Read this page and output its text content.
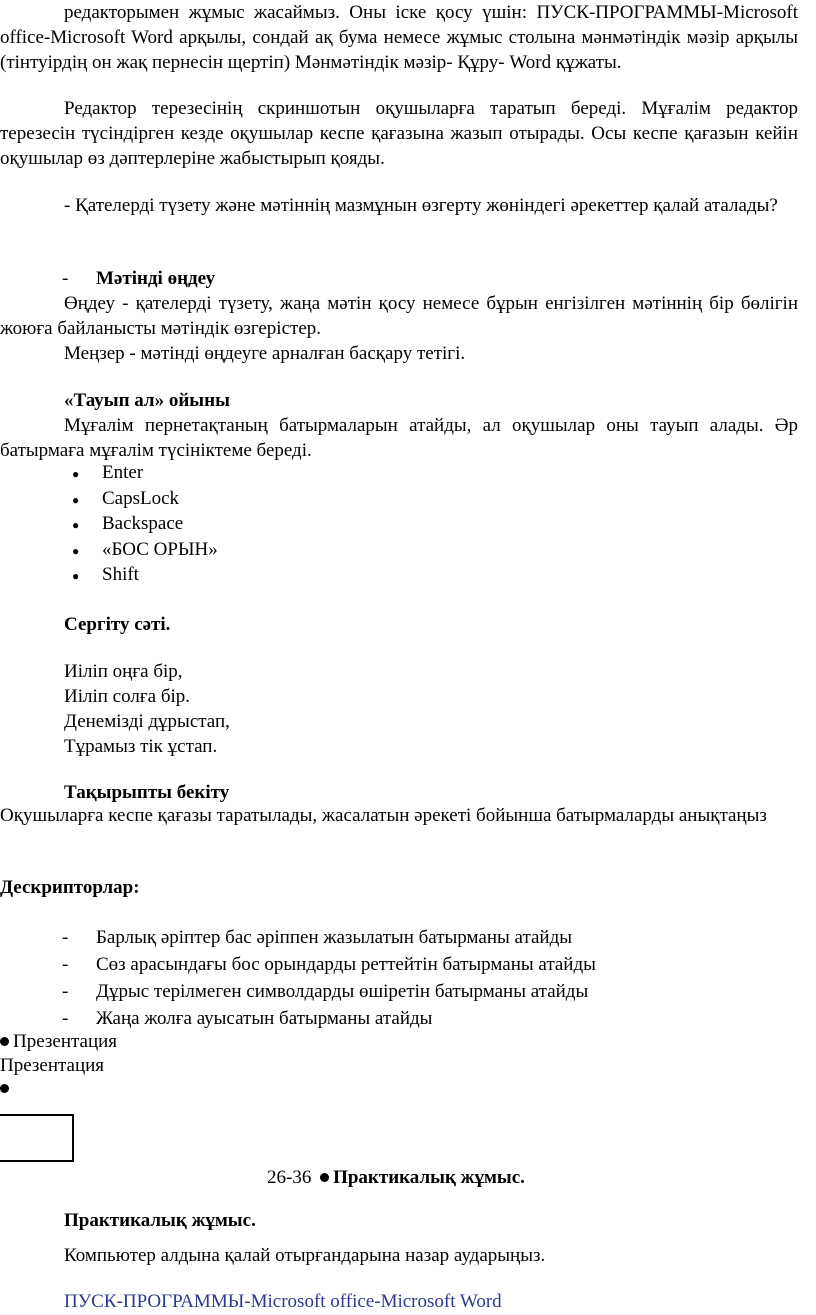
редакторымен жұмыс жасаймыз. Оны іске қосу үшін: ПУСК-ПРОГРАММЫ-Microsoft office-Microsoft Word арқылы, сондай ақ бума немесе жұмыс столына мәнмәтіндік мәзір арқылы (тінтуірдің он жақ пернесін щертіп) Мәнмәтіндік мәзір- Құру- Word құжаты.

Редактор терезесінің скриншотын оқушыларға таратып береді. Мұғалім редактор терезесін түсіндірген кезде оқушылар кеспе қағазына жазып отырады. Осы кеспе қағазын кейін оқушылар өз дәптерлеріне жабыстырып қояды.

- Қателерді түзету және мәтіннің мазмұнын өзгерту жөніндегі әрекеттер қалай аталады?

- Мәтінді өңдеу

Өңдеу - қателерді түзету, жаңа мәтін қосу немесе бұрын енгізілген мәтіннің бір бөлігін жоюға байланысты мәтіндік өзгерістер.

Меңзер - мәтінді өңдеуге арналған басқару тетігі.

«Тауып ал» ойыны

Мұғалім пернетақтаның батырмаларын атайды, ал оқушылар оны тауып алады. Әр батырмаға мұғалім түсініктеме береді.

● Enter
● CapsLock
● Backspace
● «БОС ОРЫН»
● Shift
Сергіту сәті.
Иіліп оңға бір,
Иіліп солға бір.
Денемізді дұрыстап,
Тұрамыз тік ұстап.
Тақырыпты бекіту

Оқушыларға кеспе қағазы таратылады, жасалатын әрекеті бойынша батырмаларды анықтаңыз

Дескрипторлар:
- Барлық әріптер бас әріппен жазылатын батырманы атайды
- Сөз арасындағы бос орындарды реттейтін батырманы атайды
- Дұрыс терілмеген символдарды өшіретін батырманы атайды
- Жаңа жолға ауысатын батырманы атайды
Презентация
Презентация
26-36 Практикалық жұмыс.
Практикалық жұмыс.
Компьютер алдына қалай отырғандарына назар аударыңыз.
ПУСК-ПРОГРАММЫ-Microsoft office-Microsoft Word
